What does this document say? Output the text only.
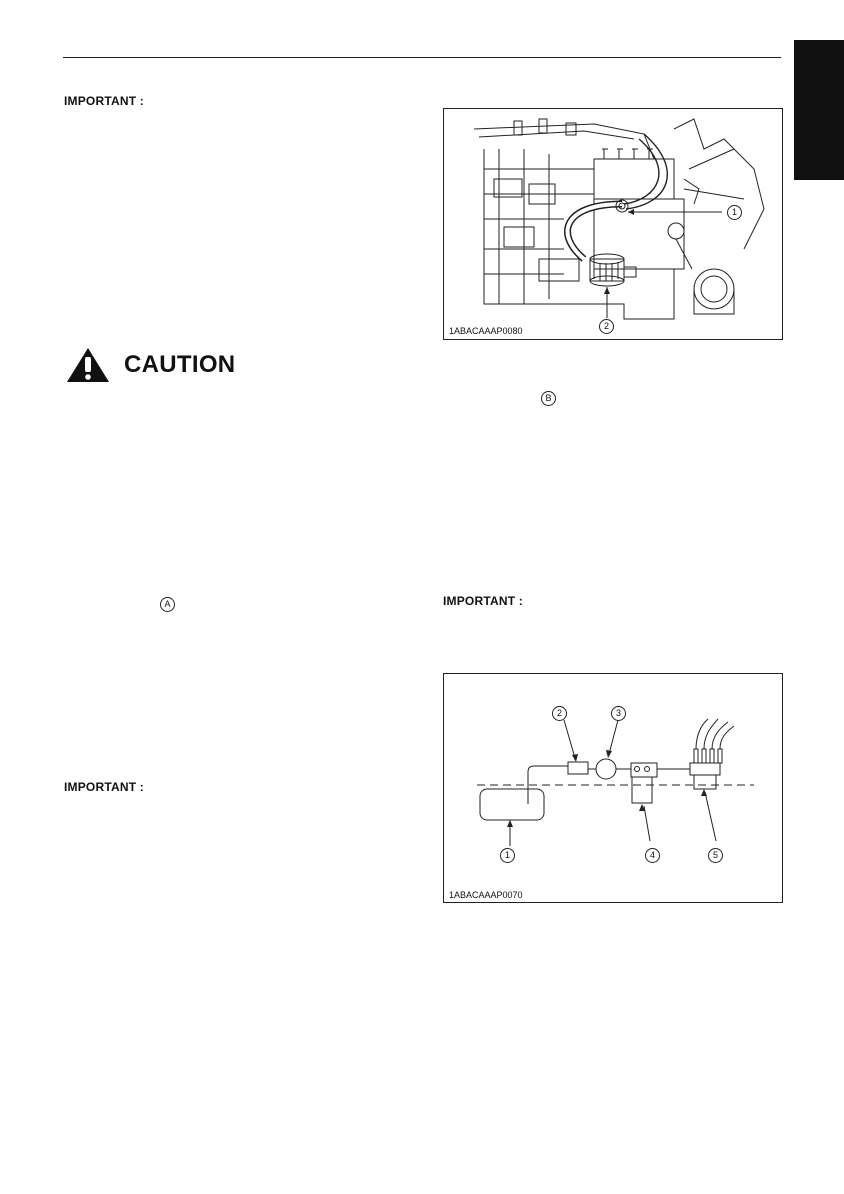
IMPORTANT :
CAUTION
A
B
IMPORTANT :
IMPORTANT :
1
2
1ABACAAAP0080
1
2	3
4	5
1ABACAAAP0070
